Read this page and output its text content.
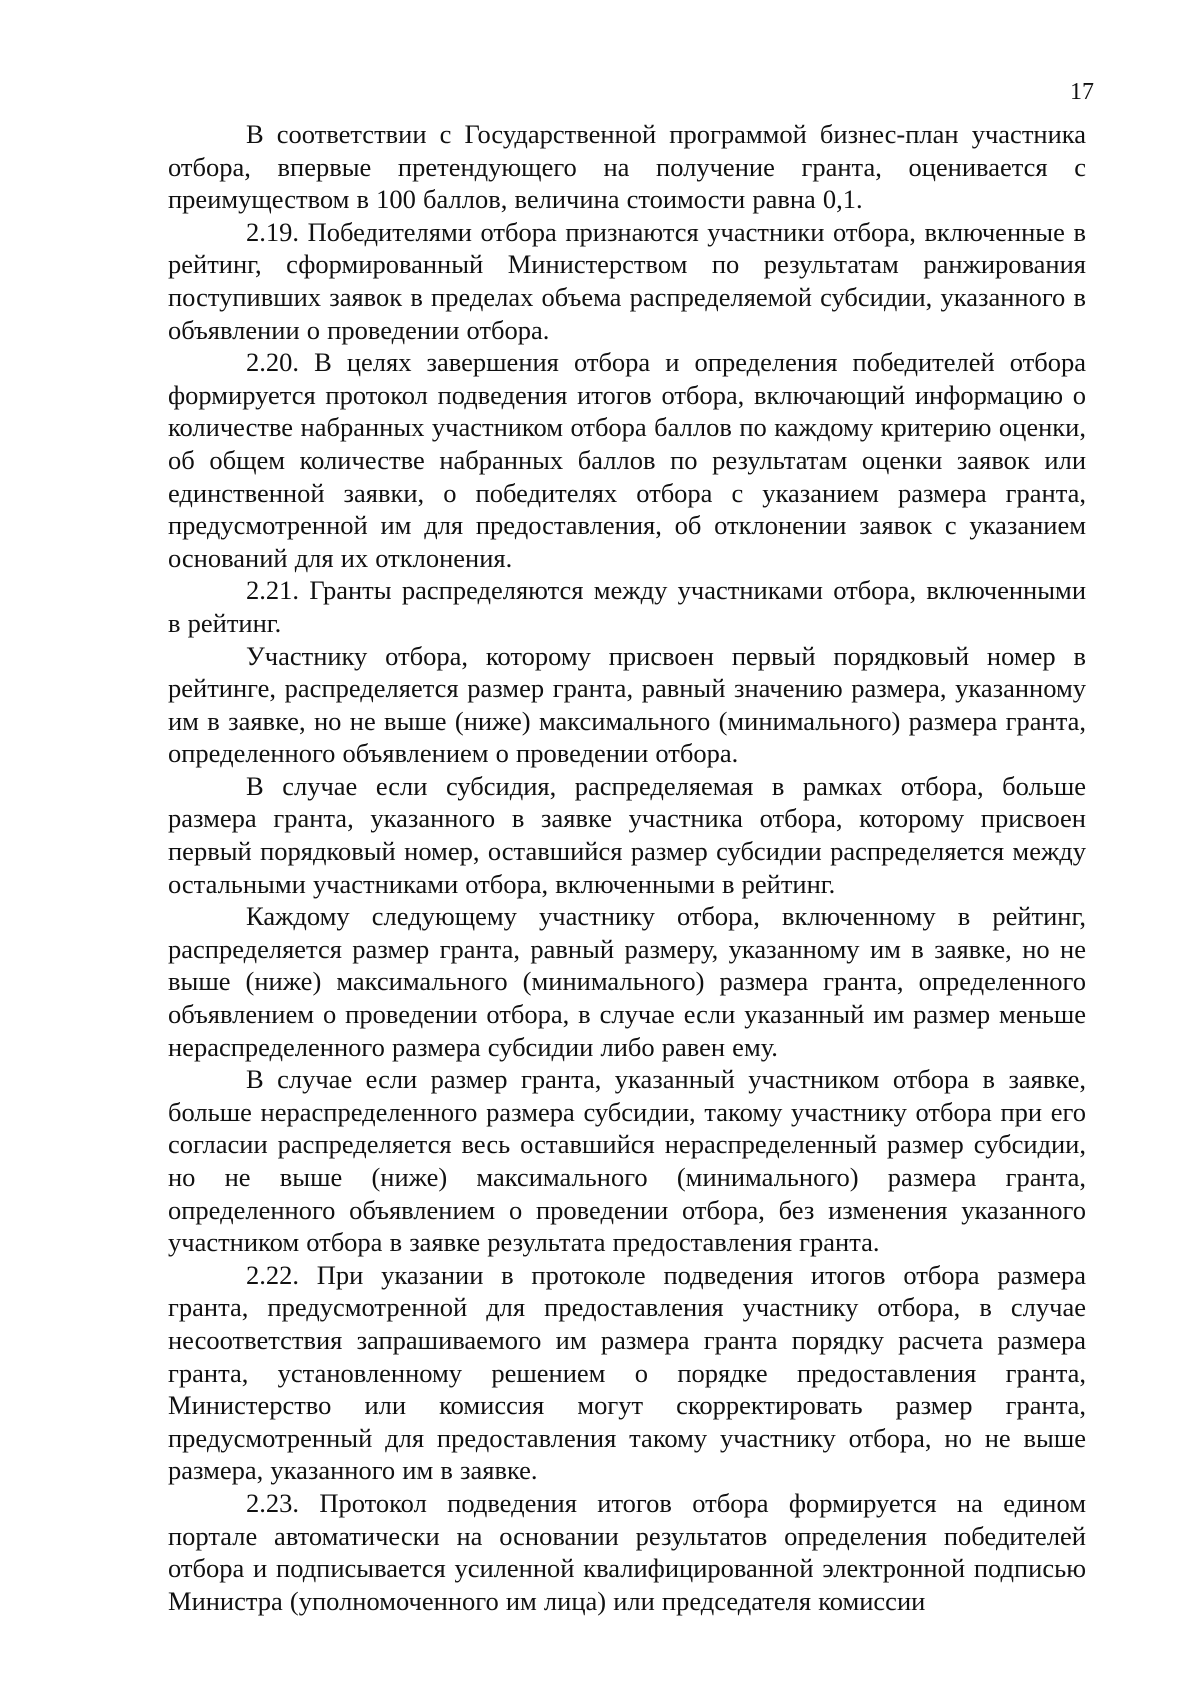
17

В соответствии с Государственной программой бизнес-план участника отбора, впервые претендующего на получение гранта, оценивается с преимуществом в 100 баллов, величина стоимости равна 0,1.

2.19. Победителями отбора признаются участники отбора, включенные в рейтинг, сформированный Министерством по результатам ранжирования поступивших заявок в пределах объема распределяемой субсидии, указанного в объявлении о проведении отбора.

2.20. В целях завершения отбора и определения победителей отбора формируется протокол подведения итогов отбора, включающий информацию о количестве набранных участником отбора баллов по каждому критерию оценки, об общем количестве набранных баллов по результатам оценки заявок или единственной заявки, о победителях отбора с указанием размера гранта, предусмотренной им для предоставления, об отклонении заявок с указанием оснований для их отклонения.

2.21. Гранты распределяются между участниками отбора, включенными в рейтинг.

Участнику отбора, которому присвоен первый порядковый номер в рейтинге, распределяется размер гранта, равный значению размера, указанному им в заявке, но не выше (ниже) максимального (минимального) размера гранта, определенного объявлением о проведении отбора.

В случае если субсидия, распределяемая в рамках отбора, больше размера гранта, указанного в заявке участника отбора, которому присвоен первый порядковый номер, оставшийся размер субсидии распределяется между остальными участниками отбора, включенными в рейтинг.

Каждому следующему участнику отбора, включенному в рейтинг, распределяется размер гранта, равный размеру, указанному им в заявке, но не выше (ниже) максимального (минимального) размера гранта, определенного объявлением о проведении отбора, в случае если указанный им размер меньше нераспределенного размера субсидии либо равен ему.

В случае если размер гранта, указанный участником отбора в заявке, больше нераспределенного размера субсидии, такому участнику отбора при его согласии распределяется весь оставшийся нераспределенный размер субсидии, но не выше (ниже) максимального (минимального) размера гранта, определенного объявлением о проведении отбора, без изменения указанного участником отбора в заявке результата предоставления гранта.

2.22. При указании в протоколе подведения итогов отбора размера гранта, предусмотренной для предоставления участнику отбора, в случае несоответствия запрашиваемого им размера гранта порядку расчета размера гранта, установленному решением о порядке предоставления гранта, Министерство или комиссия могут скорректировать размер гранта, предусмотренный для предоставления такому участнику отбора, но не выше размера, указанного им в заявке.

2.23. Протокол подведения итогов отбора формируется на едином портале автоматически на основании результатов определения победителей отбора и подписывается усиленной квалифицированной электронной подписью Министра (уполномоченного им лица) или председателя комиссии
